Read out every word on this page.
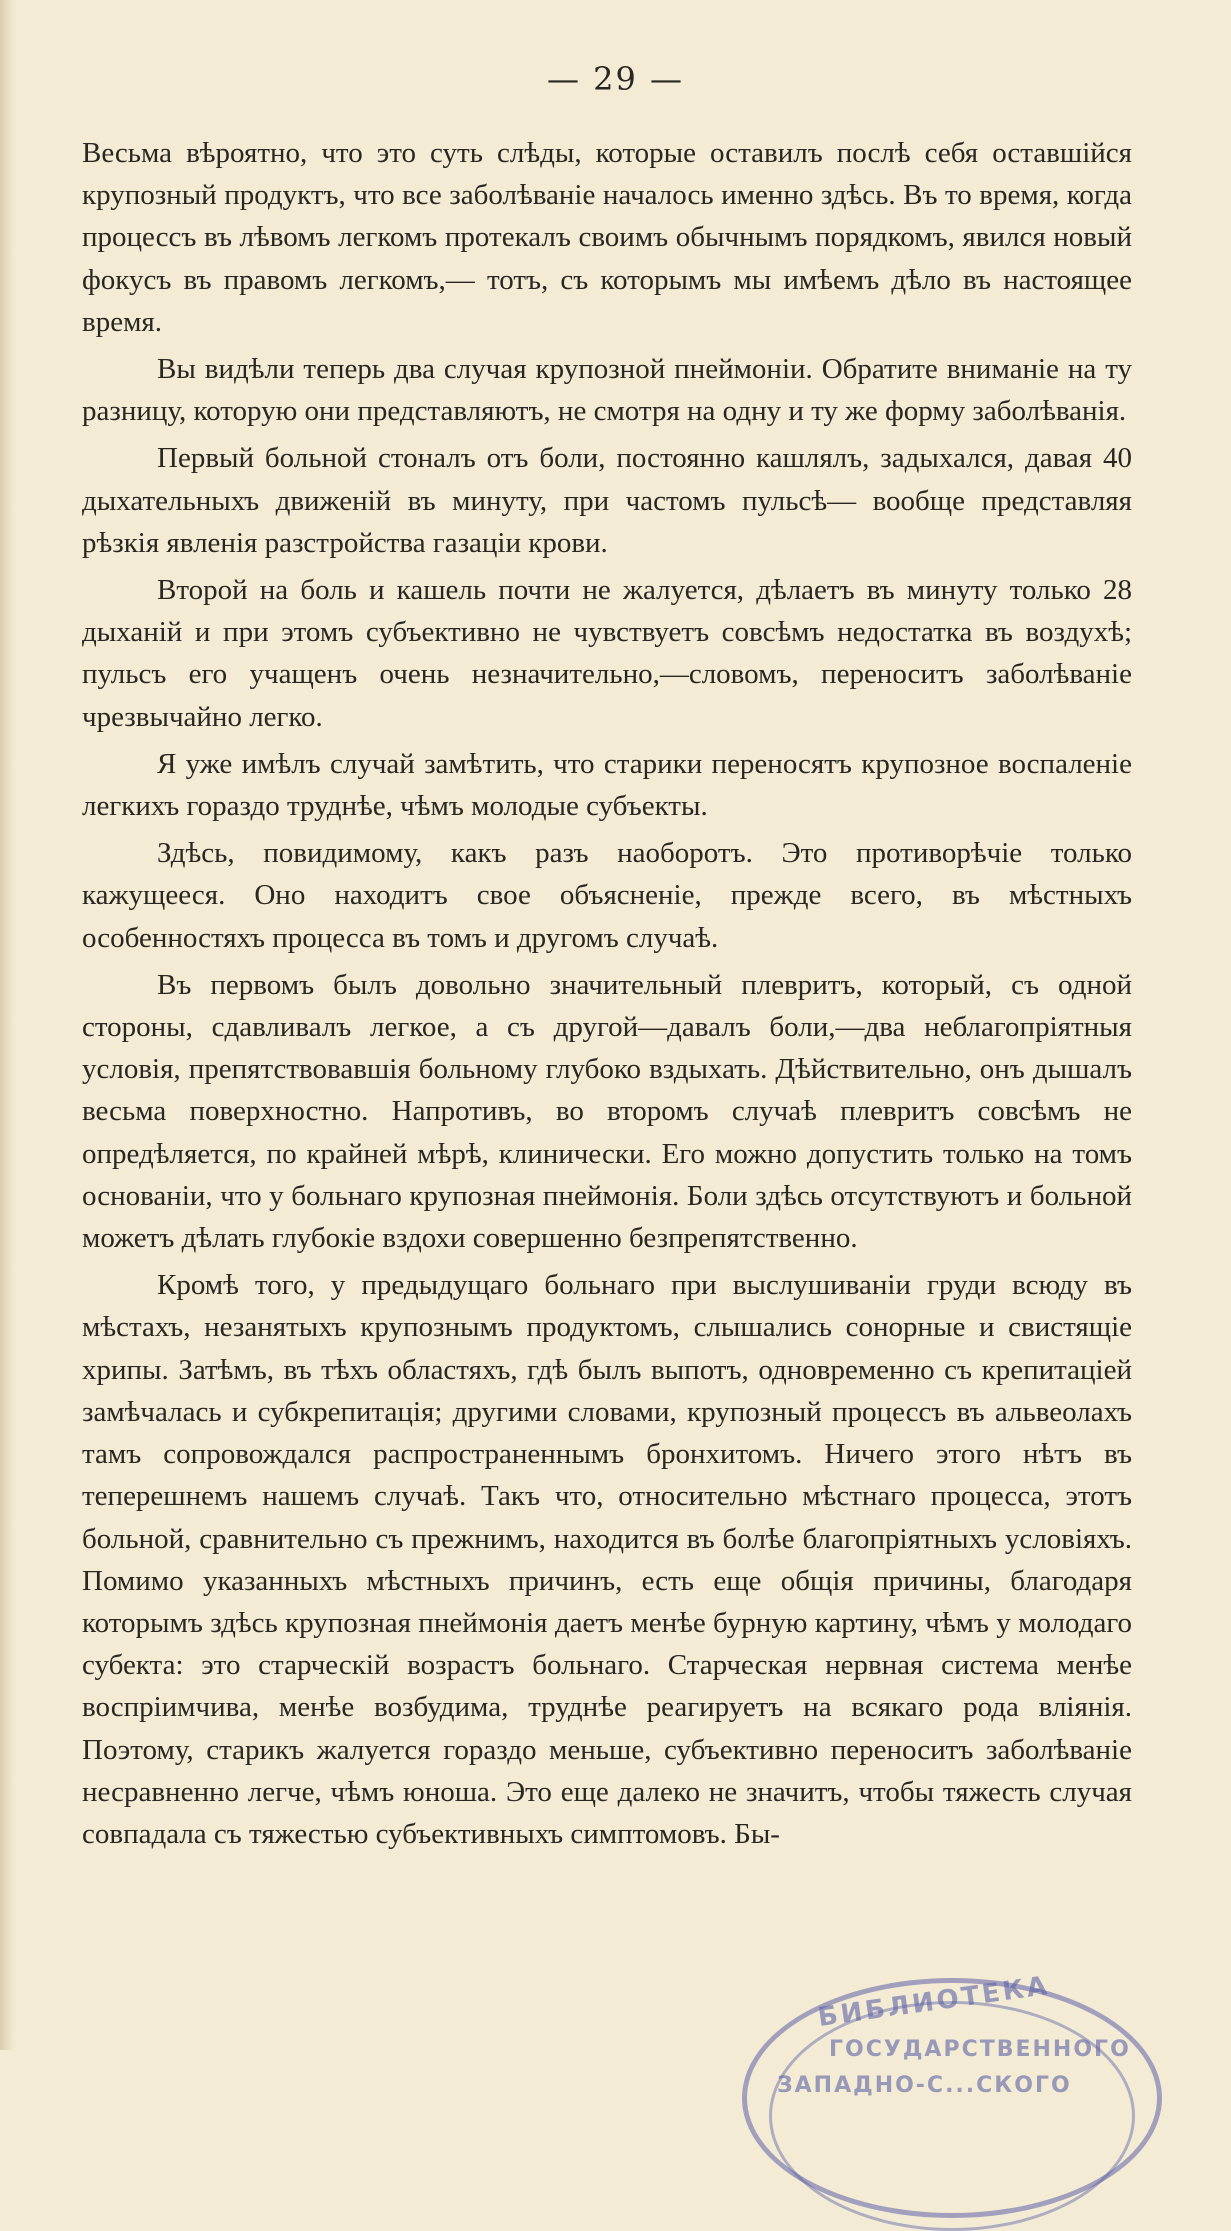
— 29 —

Весьма вѣроятно, что это суть слѣды, которые оставилъ послѣ себя оставшійся крупозный продуктъ, что все заболѣваніе началось именно здѣсь. Въ то время, когда процессъ въ лѣвомъ легкомъ протекалъ своимъ обычнымъ порядкомъ, явился новый фокусъ въ правомъ легкомъ,— тотъ, съ которымъ мы имѣемъ дѣло въ настоящее время.

Вы видѣли теперь два случая крупозной пнеймоніи. Обратите вниманіе на ту разницу, которую они представляютъ, не смотря на одну и ту же форму заболѣванія.

Первый больной стоналъ отъ боли, постоянно кашлялъ, задыхался, давая 40 дыхательныхъ движеній въ минуту, при частомъ пульсѣ— вообще представляя рѣзкія явленія разстройства газаціи крови.

Второй на боль и кашель почти не жалуется, дѣлаетъ въ минуту только 28 дыханій и при этомъ субъективно не чувствуетъ совсѣмъ недостатка въ воздухѣ; пульсъ его учащенъ очень незначительно,—словомъ, переноситъ заболѣваніе чрезвычайно легко.

Я уже имѣлъ случай замѣтить, что старики переносятъ крупозное воспаленіе легкихъ гораздо труднѣе, чѣмъ молодые субъекты.

Здѣсь, повидимому, какъ разъ наоборотъ. Это противорѣчіе только кажущееся. Оно находитъ свое объясненіе, прежде всего, въ мѣстныхъ особенностяхъ процесса въ томъ и другомъ случаѣ.

Въ первомъ былъ довольно значительный плевритъ, который, съ одной стороны, сдавливалъ легкое, а съ другой—давалъ боли,—два неблагопріятныя условія, препятствовавшія больному глубоко вздыхать. Дѣйствительно, онъ дышалъ весьма поверхностно. Напротивъ, во второмъ случаѣ плевритъ совсѣмъ не опредѣляется, по крайней мѣрѣ, клинически. Его можно допустить только на томъ основаніи, что у больнаго крупозная пнеймонія. Боли здѣсь отсутствуютъ и больной можетъ дѣлать глубокіе вздохи совершенно безпрепятственно.

Кромѣ того, у предыдущаго больнаго при выслушиваніи груди всюду въ мѣстахъ, незанятыхъ крупознымъ продуктомъ, слышались сонорные и свистящіе хрипы. Затѣмъ, въ тѣхъ областяхъ, гдѣ былъ выпотъ, одновременно съ крепитаціей замѣчалась и субкрепитація; другими словами, крупозный процессъ въ альвеолахъ тамъ сопровождался распространеннымъ бронхитомъ. Ничего этого нѣтъ въ теперешнемъ нашемъ случаѣ. Такъ что, относительно мѣстнаго процесса, этотъ больной, сравнительно съ прежнимъ, находится въ болѣе благопріятныхъ условіяхъ. Помимо указанныхъ мѣстныхъ причинъ, есть еще общія причины, благодаря которымъ здѣсь крупозная пнеймонія даетъ менѣе бурную картину, чѣмъ у молодаго субекта: это старческій возрастъ больнаго. Старческая нервная система менѣе воспріимчива, менѣе возбудима, труднѣе реагируетъ на всякаго рода вліянія. Поэтому, старикъ жалуется гораздо меньше, субъективно переноситъ заболѣваніе несравненно легче, чѣмъ юноша. Это еще далеко не значитъ, чтобы тяжесть случая совпадала съ тяжестью субъективныхъ симптомовъ. Бы-

БИБЛИОТЕКА
ГОСУДАРСТВЕННОГО
ЗАПАДНО-С...СКОГО
